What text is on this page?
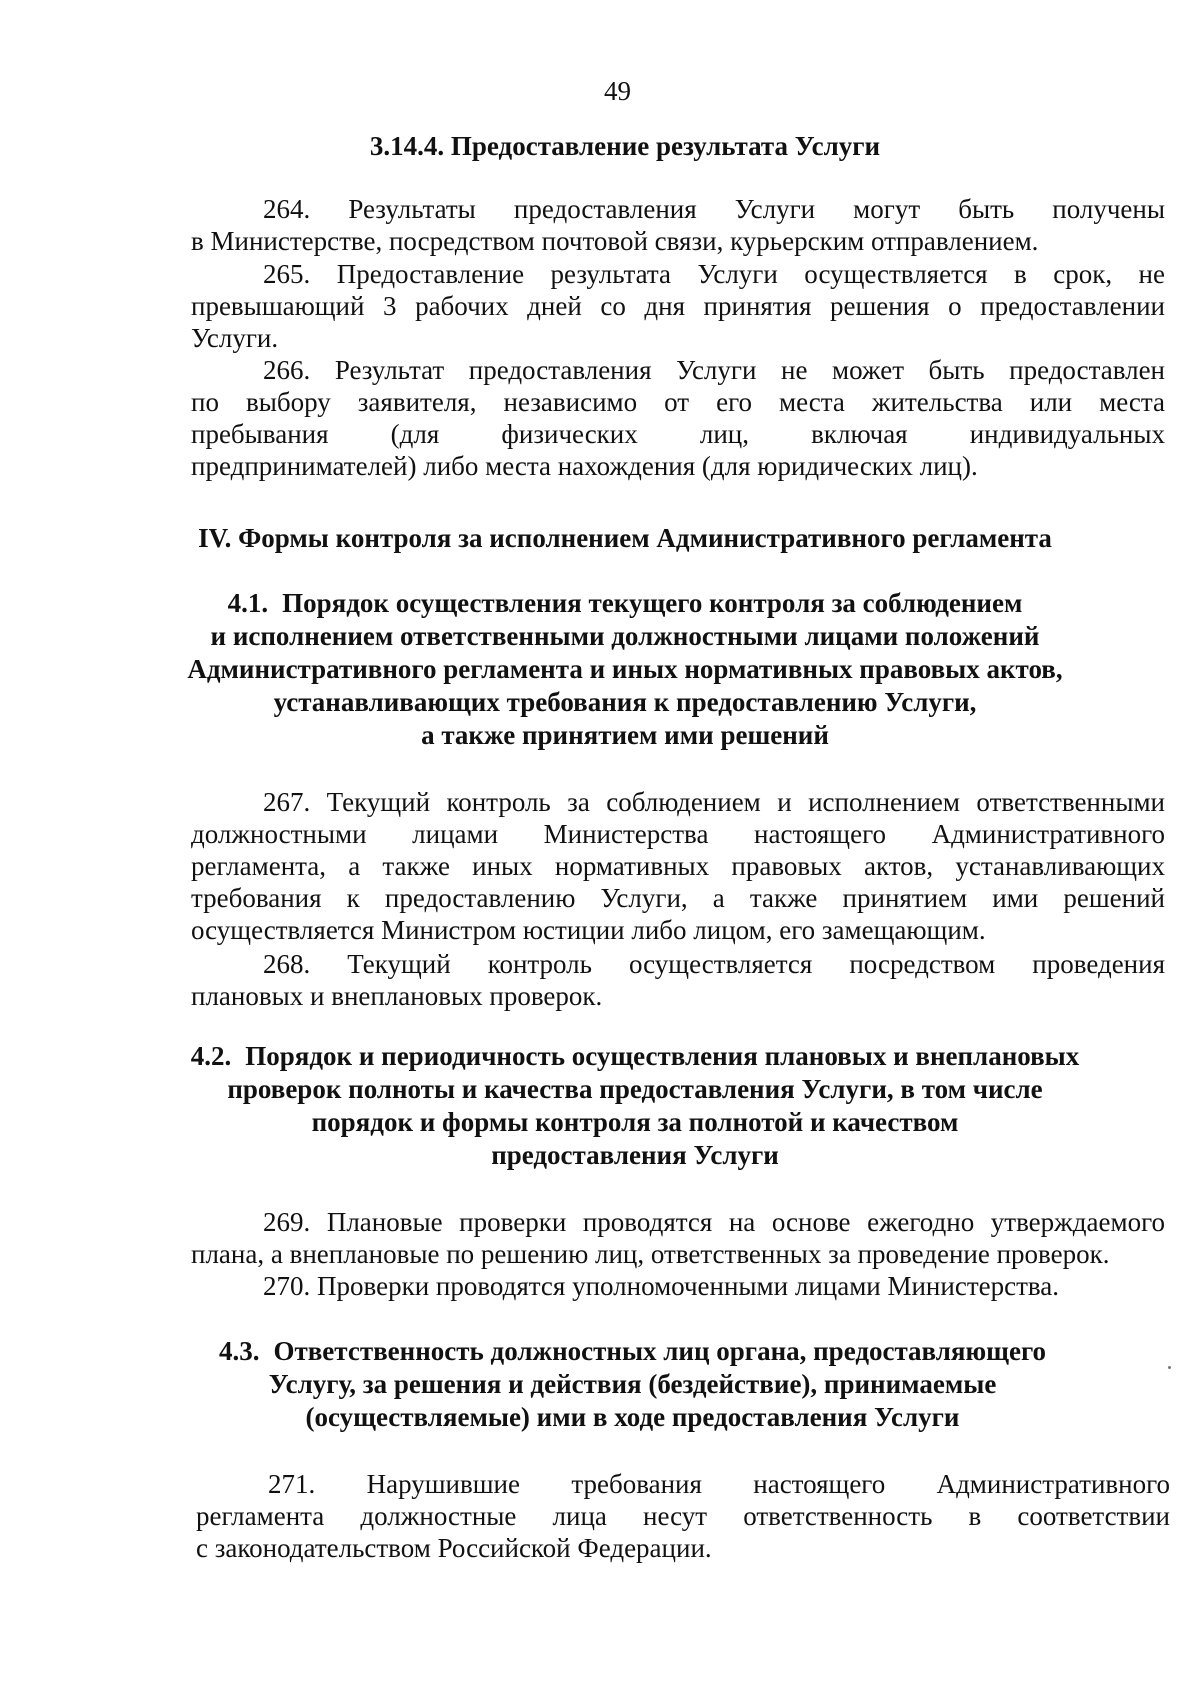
49
3.14.4. Предоставление результата Услуги
264. Результаты предоставления Услуги могут быть получены
в Министерстве, посредством почтовой связи, курьерским отправлением.
265. Предоставление результата Услуги осуществляется в срок, не
превышающий 3 рабочих дней со дня принятия решения о предоставлении
Услуги.
266. Результат предоставления Услуги не может быть предоставлен
по выбору заявителя, независимо от его места жительства или места
пребывания (для физических лиц, включая индивидуальных
предпринимателей) либо места нахождения (для юридических лиц).
IV. Формы контроля за исполнением Административного регламента
4.1. Порядок осуществления текущего контроля за соблюдением
и исполнением ответственными должностными лицами положений
Административного регламента и иных нормативных правовых актов,
устанавливающих требования к предоставлению Услуги,
а также принятием ими решений
267. Текущий контроль за соблюдением и исполнением ответственными
должностными лицами Министерства настоящего Административного
регламента, а также иных нормативных правовых актов, устанавливающих
требования к предоставлению Услуги, а также принятием ими решений
осуществляется Министром юстиции либо лицом, его замещающим.
268. Текущий контроль осуществляется посредством проведения
плановых и внеплановых проверок.
4.2. Порядок и периодичность осуществления плановых и внеплановых
проверок полноты и качества предоставления Услуги, в том числе
порядок и формы контроля за полнотой и качеством
предоставления Услуги
269. Плановые проверки проводятся на основе ежегодно утверждаемого
плана, а внеплановые по решению лиц, ответственных за проведение проверок.
270. Проверки проводятся уполномоченными лицами Министерства.
4.3. Ответственность должностных лиц органа, предоставляющего
Услугу, за решения и действия (бездействие), принимаемые
(осуществляемые) ими в ходе предоставления Услуги
271. Нарушившие требования настоящего Административного
регламента должностные лица несут ответственность в соответствии
с законодательством Российской Федерации.
